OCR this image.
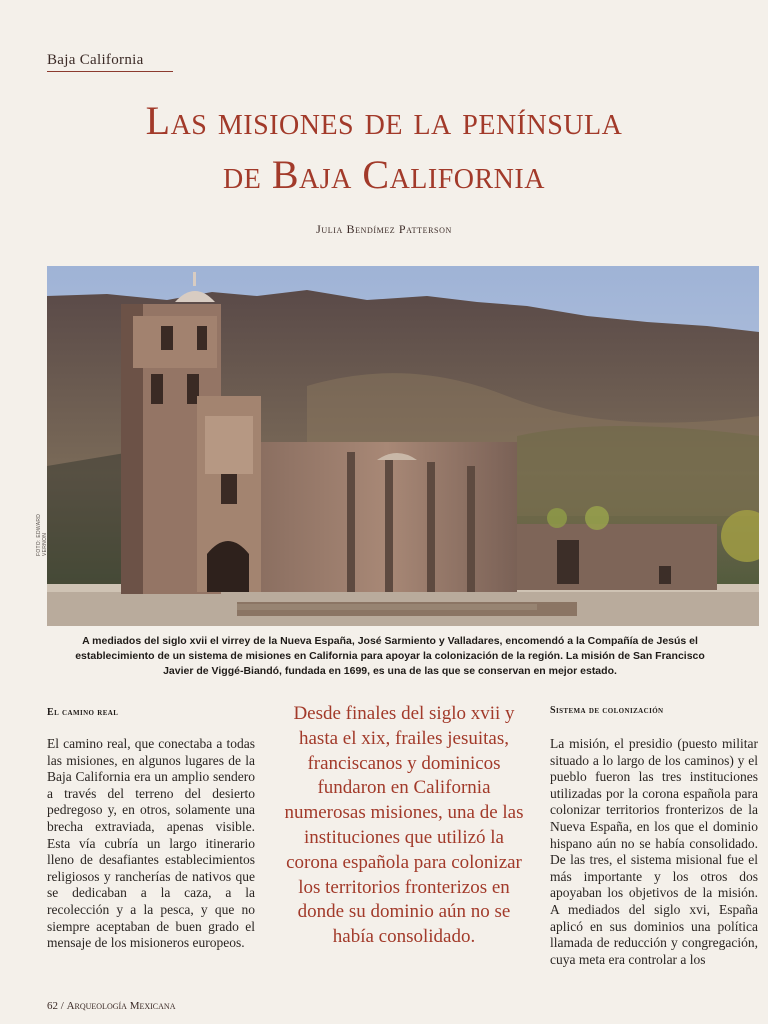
Baja California
Las misiones de la península
de Baja California
Julia Bendímez Patterson
FOTO: EDWARD VERNON
A mediados del siglo xvii el virrey de la Nueva España, José Sarmiento y Valladares, encomendó a la Compañía de Jesús el establecimiento de un sistema de misiones en California para apoyar la colonización de la región. La misión de San Francisco Javier de Viggé-Biandó, fundada en 1699, es una de las que se conservan en mejor estado.
El camino real

El camino real, que conectaba a todas las misiones, en algunos lugares de la Baja California era un amplio sendero a través del terreno del desierto pedregoso y, en otros, solamente una brecha extraviada, apenas visible. Esta vía cubría un largo itinerario lleno de desafiantes establecimientos religiosos y rancherías de nativos que se dedicaban a la caza, a la recolección y a la pesca, y que no siempre aceptaban de buen grado el mensaje de los misioneros europeos.

Desde finales del siglo xvii y hasta el xix, frailes jesuitas, franciscanos y dominicos fundaron en California numerosas misiones, una de las instituciones que utilizó la corona española para colonizar los territorios fronterizos en donde su dominio aún no se había consolidado.
Sistema de colonización

La misión, el presidio (puesto militar situado a lo largo de los caminos) y el pueblo fueron las tres instituciones utilizadas por la corona española para colonizar territorios fronterizos de la Nueva España, en los que el dominio hispano aún no se había consolidado. De las tres, el sistema misional fue el más importante y los otros dos apoyaban los objetivos de la misión. A mediados del siglo xvi, España aplicó en sus dominios una política llamada de reducción y congregación, cuya meta era controlar a los

62 / Arqueología Mexicana
